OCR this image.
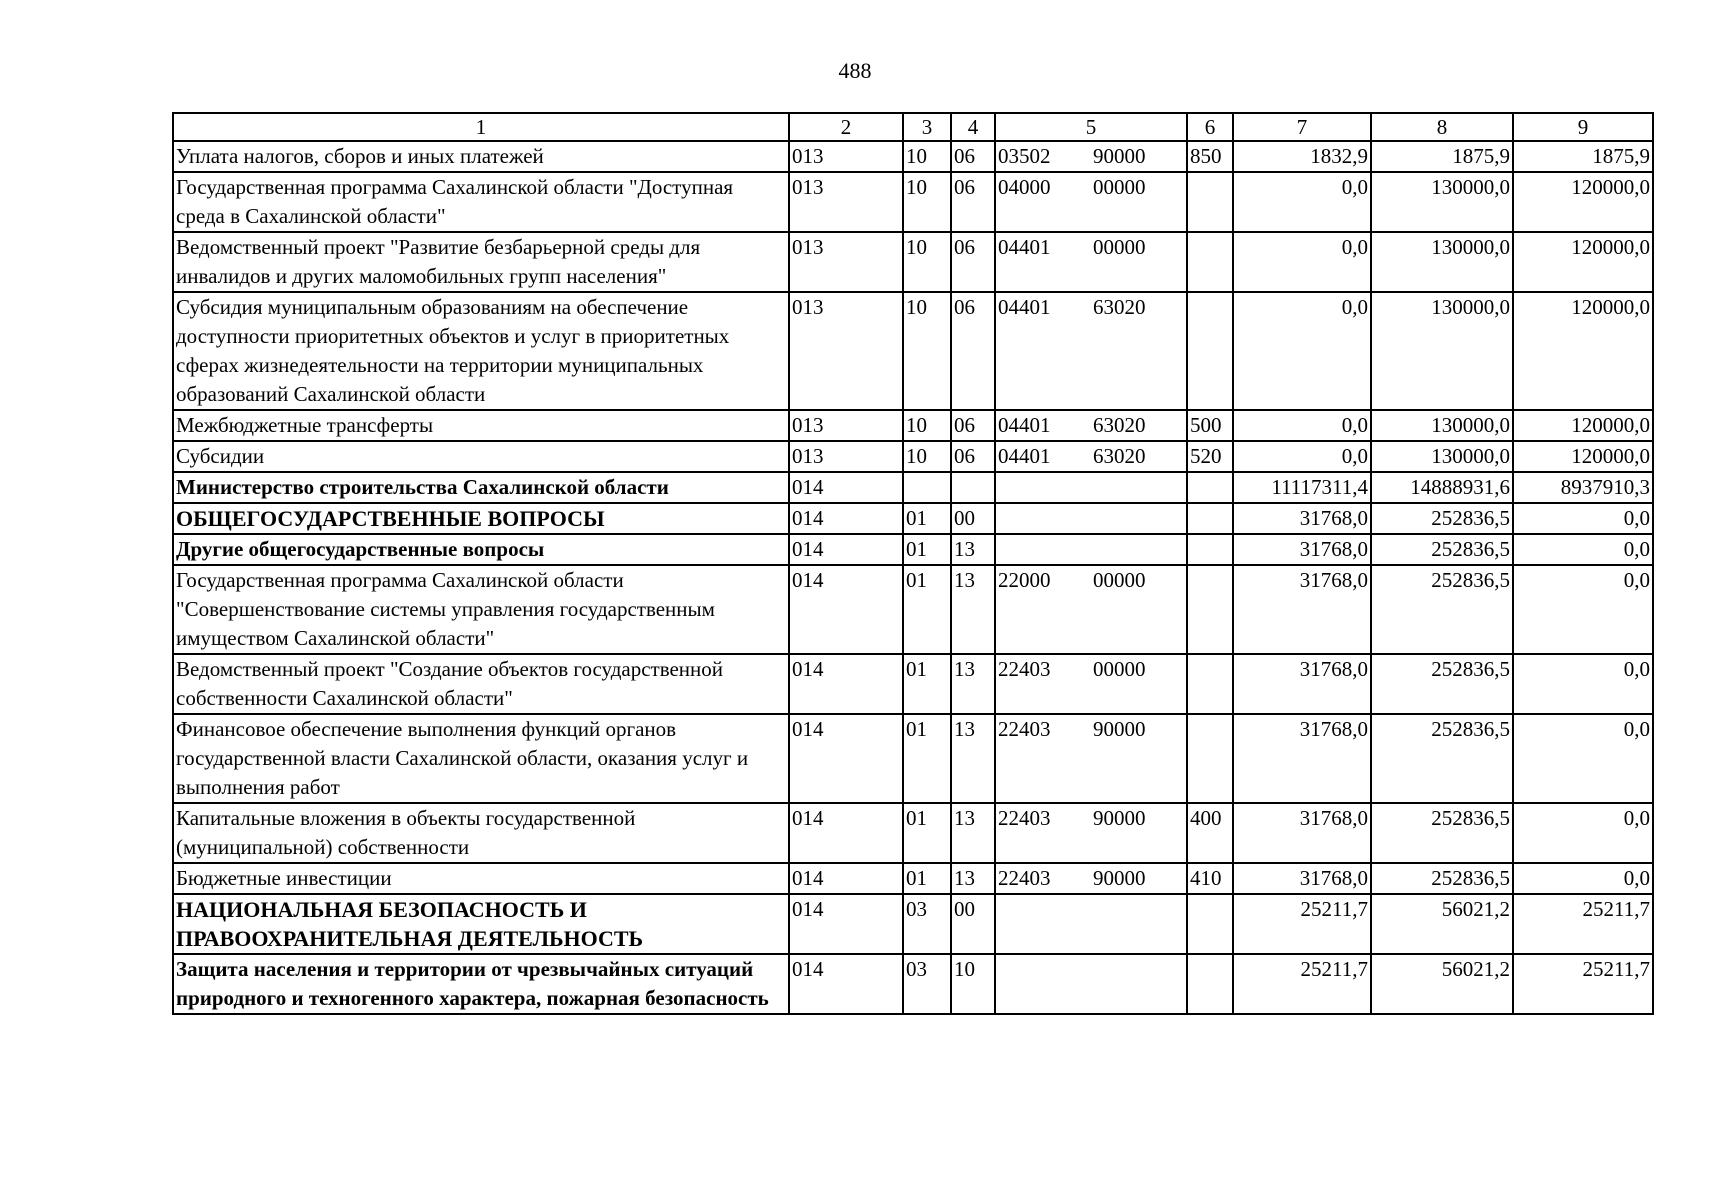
488
1	2	3	4	5		6	7	8	9
Уплата налогов, сборов и иных платежей	013	10	06	03502	90000	850	1832,9	1875,9	1875,9
Государственная программа Сахалинской области "Доступная среда в Сахалинской области"	013	10	06	04000	00000		0,0	130000,0	120000,0
Ведомственный проект "Развитие безбарьерной среды для инвалидов и других маломобильных групп населения"	013	10	06	04401	00000		0,0	130000,0	120000,0
Субсидия муниципальным образованиям на обеспечение доступности приоритетных объектов и услуг в приоритетных сферах жизнедеятельности на территории муниципальных образований Сахалинской области	013	10	06	04401	63020		0,0	130000,0	120000,0
Межбюджетные трансферты	013	10	06	04401	63020	500	0,0	130000,0	120000,0
Субсидии	013	10	06	04401	63020	520	0,0	130000,0	120000,0
Министерство строительства Сахалинской области	014						11117311,4	14888931,6	8937910,3
ОБЩЕГОСУДАРСТВЕННЫЕ ВОПРОСЫ	014	01	00				31768,0	252836,5	0,0
Другие общегосударственные вопросы	014	01	13				31768,0	252836,5	0,0
Государственная программа Сахалинской области "Совершенствование системы управления государственным имуществом Сахалинской области"	014	01	13	22000	00000		31768,0	252836,5	0,0
Ведомственный проект "Создание объектов государственной собственности Сахалинской области"	014	01	13	22403	00000		31768,0	252836,5	0,0
Финансовое обеспечение выполнения функций органов государственной власти Сахалинской области, оказания услуг и выполнения работ	014	01	13	22403	90000		31768,0	252836,5	0,0
Капитальные вложения в объекты государственной (муниципальной) собственности	014	01	13	22403	90000	400	31768,0	252836,5	0,0
Бюджетные инвестиции	014	01	13	22403	90000	410	31768,0	252836,5	0,0
НАЦИОНАЛЬНАЯ БЕЗОПАСНОСТЬ И ПРАВООХРАНИТЕЛЬНАЯ ДЕЯТЕЛЬНОСТЬ	014	03	00				25211,7	56021,2	25211,7
Защита населения и территории от чрезвычайных ситуаций природного и техногенного характера, пожарная безопасность	014	03	10				25211,7	56021,2	25211,7
